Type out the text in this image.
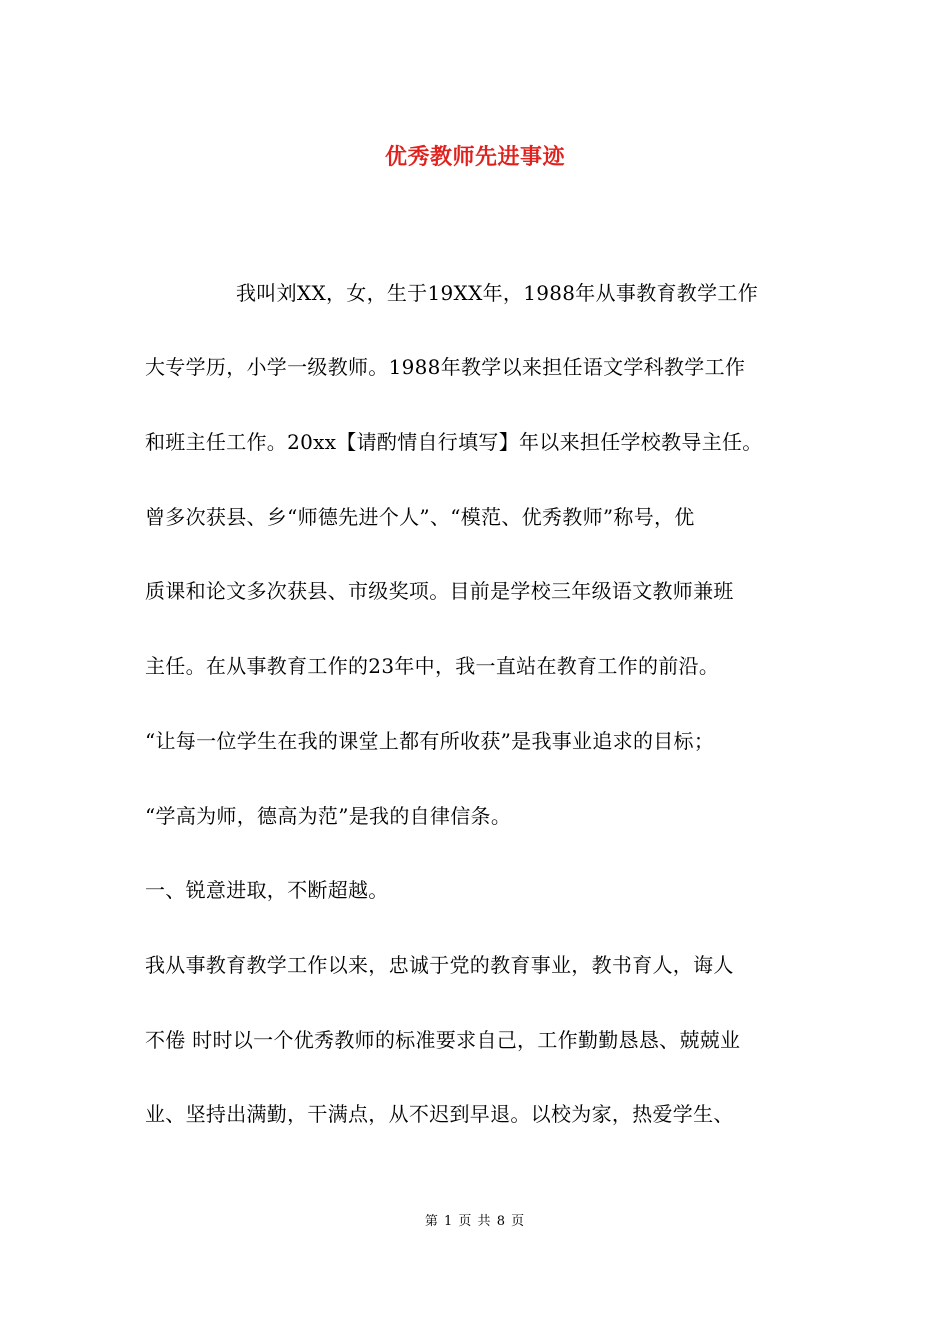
优秀教师先进事迹
我叫刘XX，女，生于19XX年，1988年从事教育教学工作
大专学历，小学一级教师。1988年教学以来担任语文学科教学工作
和班主任工作。20xx【请酌情自行填写】年以来担任学校教导主任。
曾多次获县、乡“师德先进个人”、“模范、优秀教师”称号，优
质课和论文多次获县、市级奖项。目前是学校三年级语文教师兼班
主任。在从事教育工作的23年中，我一直站在教育工作的前沿。
“让每一位学生在我的课堂上都有所收获”是我事业追求的目标；
“学高为师，德高为范”是我的自律信条。
一、锐意进取，不断超越。
我从事教育教学工作以来，忠诚于党的教育事业，教书育人，诲人
不倦 时时以一个优秀教师的标准要求自己，工作勤勤恳恳、兢兢业
业、坚持出满勤，干满点，从不迟到早退。以校为家，热爱学生、
第 1 页 共 8 页
